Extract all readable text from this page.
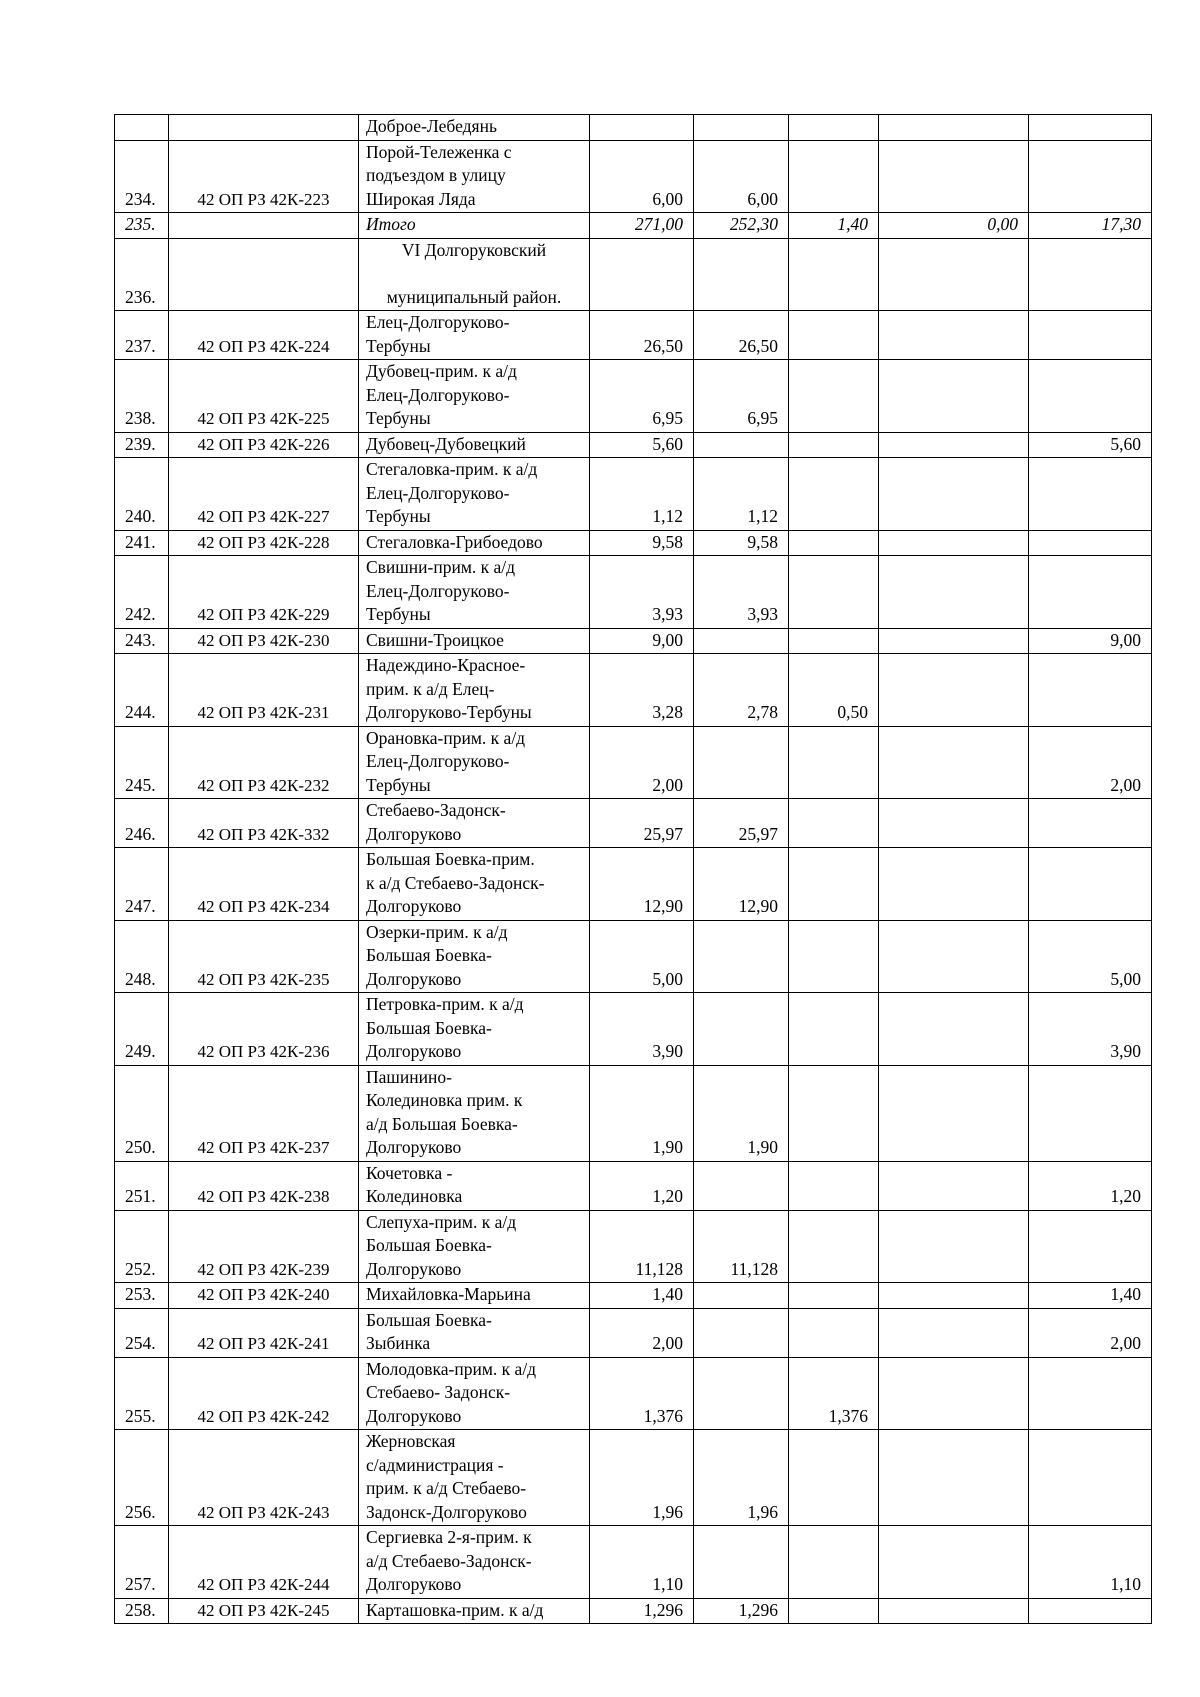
		Доброе-Лебедянь					
234.	42 ОП РЗ 42К-223	Порой-Тележенка с
подъездом в улицу
Широкая Ляда	6,00	6,00			
235.		Итого	271,00	252,30	1,40	0,00	17,30
236.		VI Долгоруковский

муниципальный район.					

237.	42 ОП РЗ 42К-224	Елец-Долгоруково-
Тербуны	26,50	26,50			
238.	42 ОП РЗ 42К-225	Дубовец-прим. к а/д
Елец-Долгоруково-
Тербуны	6,95	6,95			
239.	42 ОП РЗ 42К-226	Дубовец-Дубовецкий	5,60				5,60
240.	42 ОП РЗ 42К-227	Стегаловка-прим. к а/д
Елец-Долгоруково-
Тербуны	1,12	1,12			
241.	42 ОП РЗ 42К-228	Стегаловка-Грибоедово	9,58	9,58			
242.	42 ОП РЗ 42К-229	Свишни-прим. к а/д
Елец-Долгоруково-
Тербуны	3,93	3,93			
243.	42 ОП РЗ 42К-230	Свишни-Троицкое	9,00				9,00
244.	42 ОП РЗ 42К-231	Надеждино-Красное-
прим. к а/д Елец-
Долгоруково-Тербуны	3,28	2,78	0,50		
245.	42 ОП РЗ 42К-232	Орановка-прим. к а/д
Елец-Долгоруково-
Тербуны	2,00				2,00
246.	42 ОП РЗ 42К-332	Стебаево-Задонск-
Долгоруково	25,97	25,97			
247.	42 ОП РЗ 42К-234	Большая Боевка-прим.
к а/д Стебаево-Задонск-
Долгоруково	12,90	12,90			
248.	42 ОП РЗ 42К-235	Озерки-прим. к а/д
Большая Боевка-
Долгоруково	5,00				5,00
249.	42 ОП РЗ 42К-236	Петровка-прим. к а/д
Большая Боевка-
Долгоруково	3,90				3,90
250.	42 ОП РЗ 42К-237	Пашинино-
Колединовка прим. к
а/д Большая Боевка-
Долгоруково	1,90	1,90			
251.	42 ОП РЗ 42К-238	Кочетовка -
Колединовка	1,20				1,20
252.	42 ОП РЗ 42К-239	Слепуха-прим. к а/д
Большая Боевка-
Долгоруково	11,128	11,128			
253.	42 ОП РЗ 42К-240	Михайловка-Марьина	1,40				1,40
254.	42 ОП РЗ 42К-241	Большая Боевка-
Зыбинка	2,00				2,00
255.	42 ОП РЗ 42К-242	Молодовка-прим. к а/д
Стебаево- Задонск-
Долгоруково	1,376		1,376		
256.	42 ОП РЗ 42К-243	Жерновская
с/администрация -
прим. к а/д Стебаево-
Задонск-Долгоруково	1,96	1,96			
257.	42 ОП РЗ 42К-244	Сергиевка 2-я-прим. к
а/д Стебаево-Задонск-
Долгоруково	1,10				1,10
258.	42 ОП РЗ 42К-245	Карташовка-прим. к а/д	1,296	1,296			
